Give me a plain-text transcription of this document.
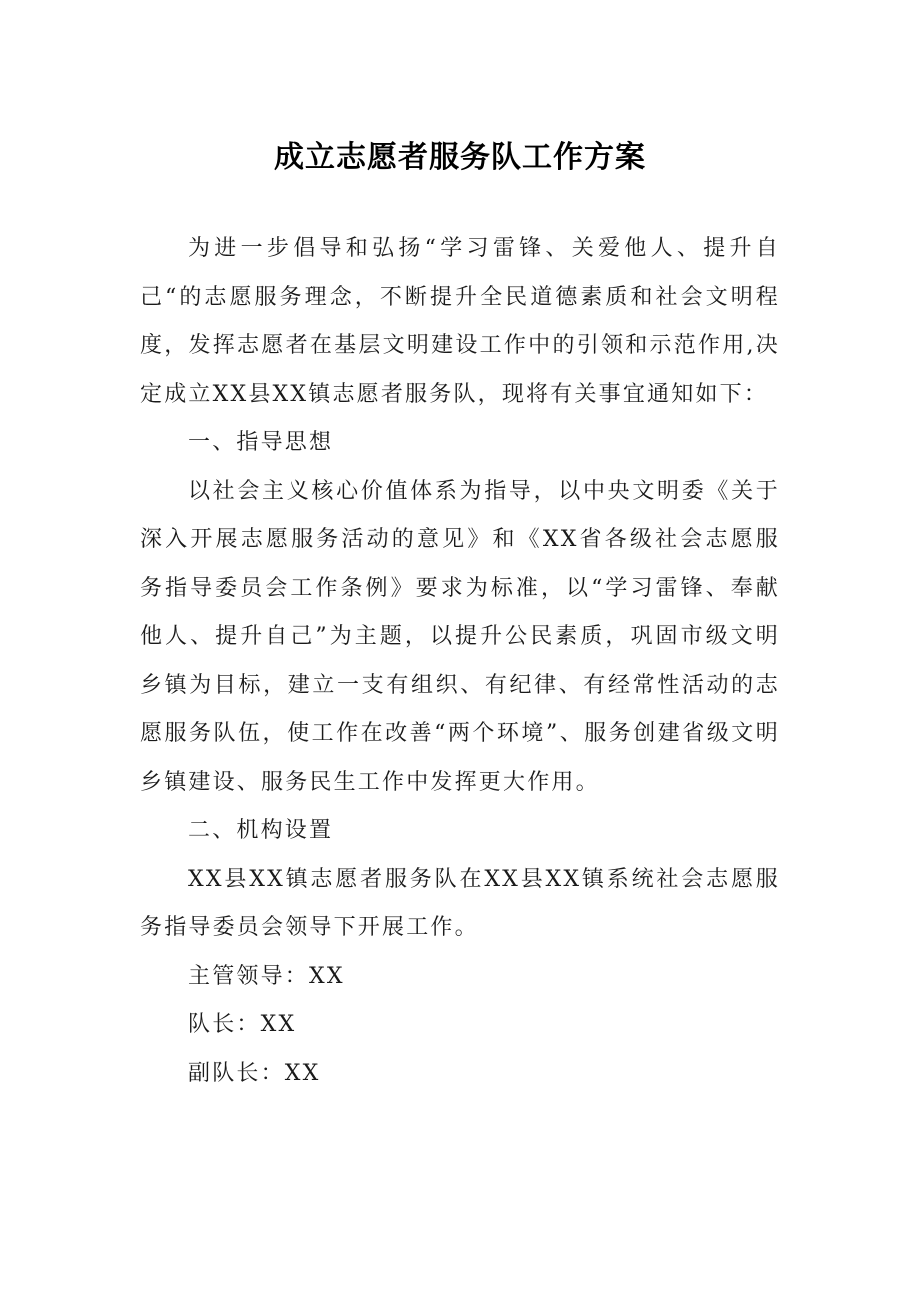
成立志愿者服务队工作方案

为进一步倡导和弘扬“学习雷锋、关爱他人、提升自己“的志愿服务理念，不断提升全民道德素质和社会文明程度，发挥志愿者在基层文明建设工作中的引领和示范作用,决定成立XX县XX镇志愿者服务队，现将有关事宜通知如下：

一、指导思想

以社会主义核心价值体系为指导，以中央文明委《关于深入开展志愿服务活动的意见》和《XX省各级社会志愿服务指导委员会工作条例》要求为标准，以“学习雷锋、奉献他人、提升自己”为主题，以提升公民素质，巩固市级文明乡镇为目标，建立一支有组织、有纪律、有经常性活动的志愿服务队伍，使工作在改善“两个环境”、服务创建省级文明乡镇建设、服务民生工作中发挥更大作用。

二、机构设置

XX县XX镇志愿者服务队在XX县XX镇系统社会志愿服务指导委员会领导下开展工作。

主管领导：XX

队长：XX

副队长：XX
